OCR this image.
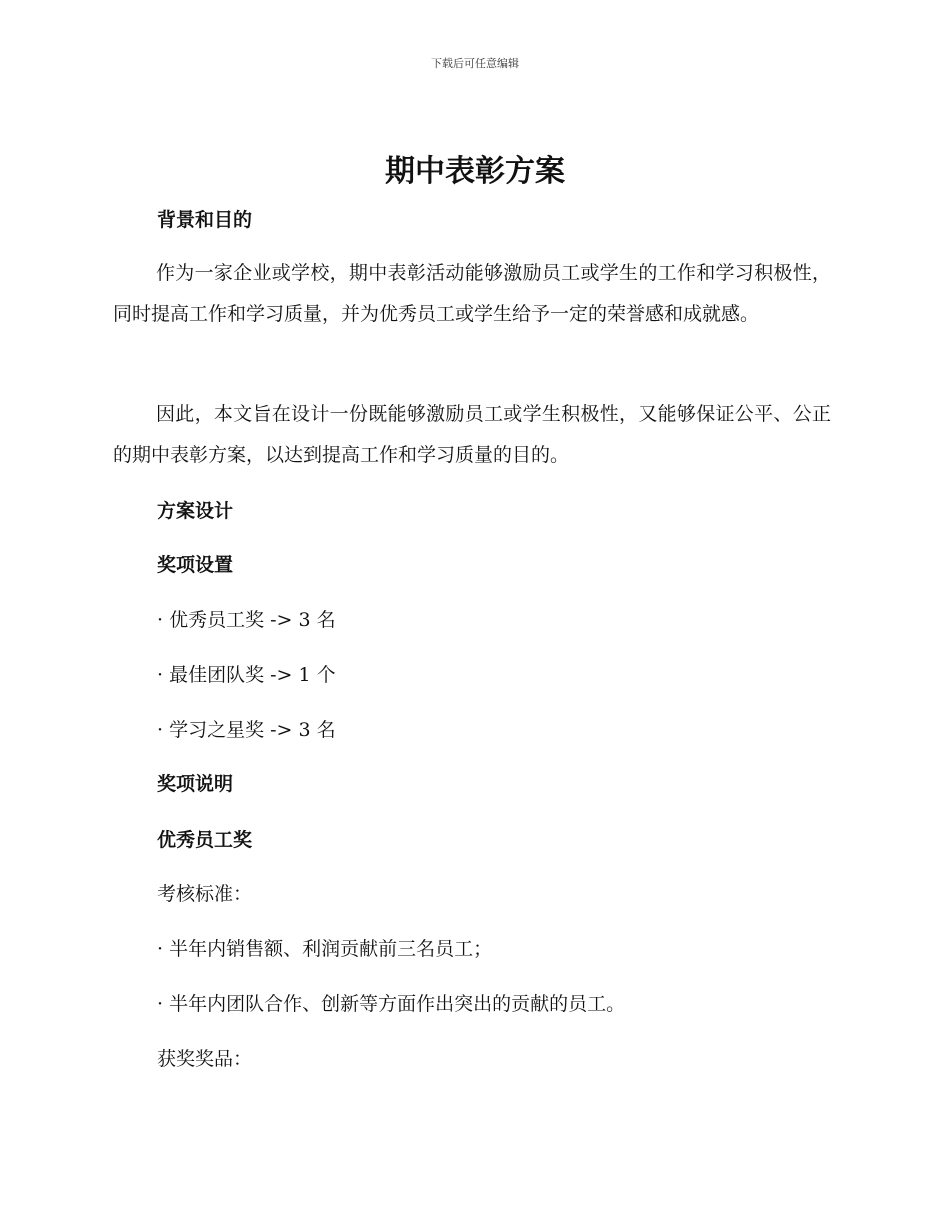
下载后可任意编辑
期中表彰方案
背景和目的

作为一家企业或学校，期中表彰活动能够激励员工或学生的工作和学习积极性，同时提高工作和学习质量，并为优秀员工或学生给予一定的荣誉感和成就感。

因此，本文旨在设计一份既能够激励员工或学生积极性，又能够保证公平、公正的期中表彰方案，以达到提高工作和学习质量的目的。

方案设计
奖项设置

· 优秀员工奖 -> 3 名

· 最佳团队奖 -> 1 个

· 学习之星奖 -> 3 名

奖项说明
优秀员工奖

考核标准：

· 半年内销售额、利润贡献前三名员工；

· 半年内团队合作、创新等方面作出突出的贡献的员工。

获奖奖品：
